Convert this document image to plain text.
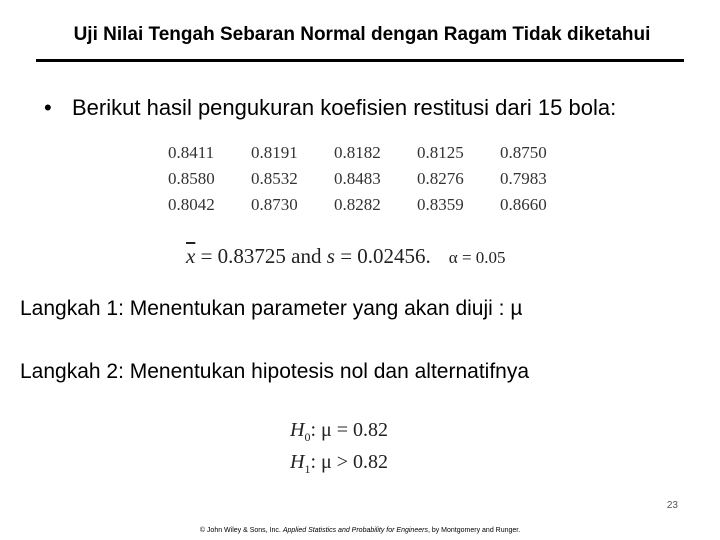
Uji Nilai Tengah Sebaran Normal dengan Ragam Tidak diketahui
• Berikut hasil pengukuran koefisien restitusi dari 15 bola:
0.8411	0.8191	0.8182	0.8125	0.8750
0.8580	0.8532	0.8483	0.8276	0.7983
0.8042	0.8730	0.8282	0.8359	0.8660
$\overline{x} = 0.83725$ and s = 0.02456. α = 0.05
Langkah 1: Menentukan parameter yang akan diuji : µ
Langkah 2: Menentukan hipotesis nol dan alternatifnya
$H_0$: μ = 0.82
$H_1$: μ > 0.82
23
© John Wiley & Sons, Inc. Applied Statistics and Probability for Engineers, by Montgomery and Runger.
